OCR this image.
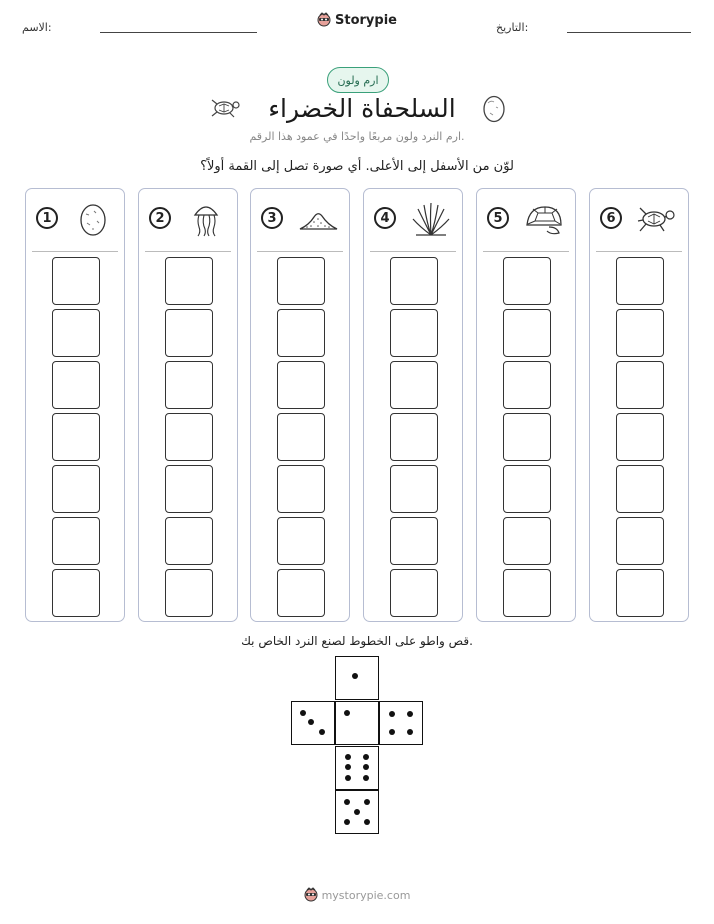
الاسم:	التاريخ:
Storypie
ارم ولون
السلحفاة الخضراء
ارم النرد ولون مربعًا واحدًا في عمود هذا الرقم.
لوّن من الأسفل إلى الأعلى. أي صورة تصل إلى القمة أولاً؟
1	2	3	4	5	6
قص واطو على الخطوط لصنع النرد الخاص بك.
mystorypie.com
